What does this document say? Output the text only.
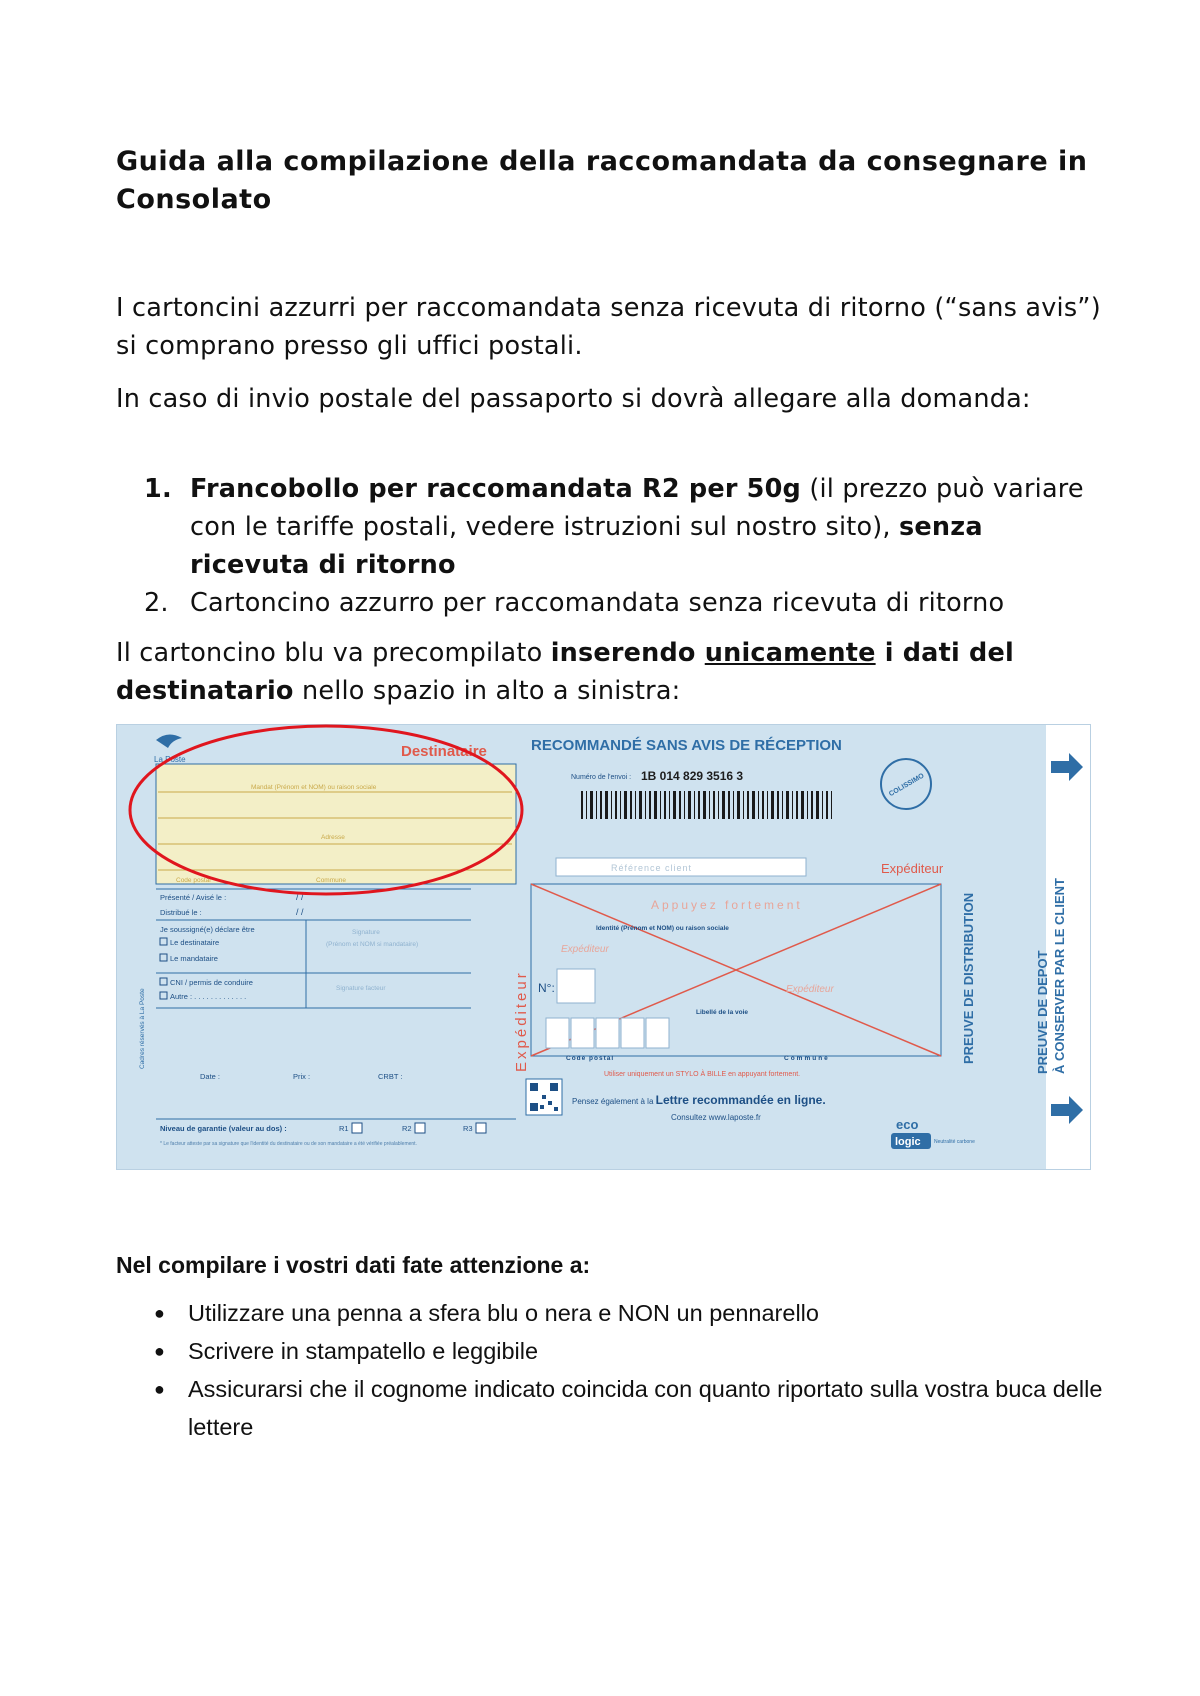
Guida alla compilazione della raccomandata da consegnare in Consolato

I cartoncini azzurri per raccomandata senza ricevuta di ritorno (“sans avis”) si comprano presso gli uffici postali.

In caso di invio postale del passaporto si dovrà allegare alla domanda:

1. Francobollo per raccomandata R2 per 50g (il prezzo può variare con le tariffe postali, vedere istruzioni sul nostro sito), senza ricevuta di ritorno
2. Cartoncino azzurro per raccomandata senza ricevuta di ritorno

Il cartoncino blu va precompilato inserendo unicamente i dati del destinatario nello spazio in alto a sinistra:

La Poste	Destinataire
Mandat (Prénom et NOM) ou raison sociale
Adresse
Code postal	Commune
Cadres réservés à La Poste
Présenté / Avisé le :
Distribué le :
/ /
/ /
Je soussigné(e) déclare être
Le destinataire
Le mandataire
Signature
(Prénom et NOM si mandataire)
CNI / permis de conduire
Autre : . . . . . . . . . . . . .
Signature facteur
Date :	Prix :	CRBT :
Niveau de garantie (valeur au dos) :	R1	R2	R3
* Le facteur atteste par sa signature que l'identité du destinataire ou de son mandataire a été vérifiée préalablement.
Expéditeur
RECOMMANDÉ SANS AVIS DE RÉCEPTION
Numéro de l'envoi : 1B 014 829 3516 3	COLISSIMO
Référence client	Expéditeur
Appuyez fortement
Identité (Prénom et NOM) ou raison sociale
Expéditeur
Expéditeur
N°:
Libellé de la voie
Code postal	Commune
Utiliser uniquement un STYLO À BILLE en appuyant fortement.
Pensez également à la Lettre recommandée en ligne.
Consultez www.laposte.fr	eco
logic	Neutralité carbone
PREUVE DE DISTRIBUTION	PREUVE DE DEPOT À CONSERVER PAR LE CLIENT
Nel compilare i vostri dati fate attenzione a:
● Utilizzare una penna a sfera blu o nera e NON un pennarello
● Scrivere in stampatello e leggibile
● Assicurarsi che il cognome indicato coincida con quanto riportato sulla vostra buca delle lettere
